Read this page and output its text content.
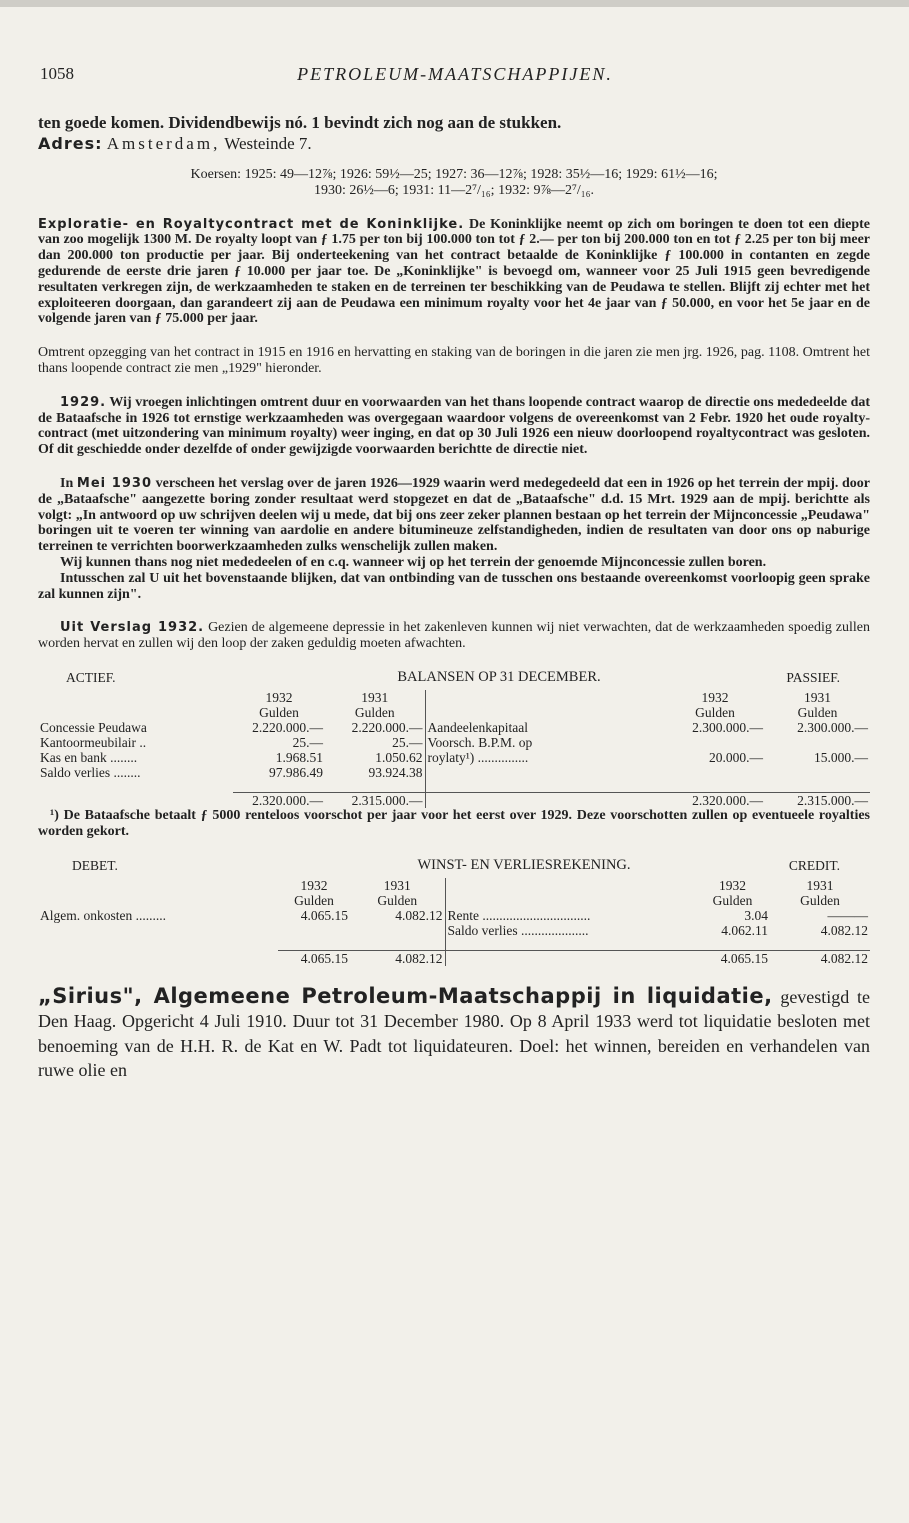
1058	PETROLEUM-MAATSCHAPPIJEN.

ten goede komen. Dividendbewijs nó. 1 bevindt zich nog aan de stukken.

Adres: Amsterdam, Westeinde 7.

Koersen: 1925: 49—12⅞; 1926: 59½—25; 1927: 36—12⅞; 1928: 35½—16; 1929: 61½—16;

1930: 26½—6; 1931: 11—2⁷/₁₆; 1932: 9⅞—2⁷/₁₆.

Exploratie- en Royaltycontract met de Koninklijke. De Koninklijke neemt op zich om boringen te doen tot een diepte van zoo mogelijk 1300 M. De royalty loopt van ƒ 1.75 per ton bij 100.000 ton tot ƒ 2.— per ton bij 200.000 ton en tot ƒ 2.25 per ton bij meer dan 200.000 ton productie per jaar. Bij onderteekening van het contract betaalde de Koninklijke ƒ 100.000 in contanten en zegde gedurende de eerste drie jaren ƒ 10.000 per jaar toe. De „Koninklijke" is bevoegd om, wanneer voor 25 Juli 1915 geen bevredigende resultaten verkregen zijn, de werkzaamheden te staken en de terreinen ter beschikking van de Peudawa te stellen. Blijft zij echter met het exploiteeren doorgaan, dan garandeert zij aan de Peudawa een minimum royalty voor het 4e jaar van ƒ 50.000, en voor het 5e jaar en de volgende jaren van ƒ 75.000 per jaar.

Omtrent opzegging van het contract in 1915 en 1916 en hervatting en staking van de boringen in die jaren zie men jrg. 1926, pag. 1108. Omtrent het thans loopende contract zie men „1929" hieronder.

1929. Wij vroegen inlichtingen omtrent duur en voorwaarden van het thans loopende contract waarop de directie ons mededeelde dat de Bataafsche in 1926 tot ernstige werkzaamheden was overgegaan waardoor volgens de overeenkomst van 2 Febr. 1920 het oude royalty-contract (met uitzondering van minimum royalty) weer inging, en dat op 30 Juli 1926 een nieuw doorloopend royaltycontract was gesloten. Of dit geschiedde onder dezelfde of onder gewijzigde voorwaarden berichtte de directie niet.

In Mei 1930 verscheen het verslag over de jaren 1926—1929 waarin werd medegedeeld dat een in 1926 op het terrein der mpij. door de „Bataafsche" aangezette boring zonder resultaat werd stopgezet en dat de „Bataafsche" d.d. 15 Mrt. 1929 aan de mpij. berichtte als volgt: „In antwoord op uw schrijven deelen wij u mede, dat bij ons zeer zeker plannen bestaan op het terrein der Mijnconcessie „Peudawa" boringen uit te voeren ter winning van aardolie en andere bitumineuze zelfstandigheden, indien de resultaten van door ons op naburige terreinen te verrichten boorwerkzaamheden zulks wenschelijk zullen maken.

Wij kunnen thans nog niet mededeelen of en c.q. wanneer wij op het terrein der genoemde Mijnconcessie zullen boren.

Intusschen zal U uit het bovenstaande blijken, dat van ontbinding van de tusschen ons bestaande overeenkomst voorloopig geen sprake zal kunnen zijn".

Uit Verslag 1932. Gezien de algemeene depressie in het zakenleven kunnen wij niet verwachten, dat de werkzaamheden spoedig zullen worden hervat en zullen wij den loop der zaken geduldig moeten afwachten.

ACTIEF.	BALANSEN OP 31 DECEMBER.				PASSIEF.

	1932	1931		1932	1931
	Gulden	Gulden		Gulden	Gulden
Concessie Peudawa	2.220.000.—	2.220.000.—	Aandeelenkapitaal	2.300.000.—	2.300.000.—
Kantoormeubilair ..	25.—	25.—	Voorsch. B.P.M. op		
Kas en bank ........	1.968.51	1.050.62	roylaty¹) ...............	20.000.—	15.000.—
Saldo verlies ........	97.986.49	93.924.38			

	2.320.000.—	2.315.000.—		2.320.000.—	2.315.000.—

¹) De Bataafsche betaalt ƒ 5000 renteloos voorschot per jaar voor het eerst over 1929. Deze voorschotten zullen op eventueele royalties worden gekort.

DEBET.	WINST- EN VERLIESREKENING.				CREDIT.

	1932	1931		1932	1931
	Gulden	Gulden		Gulden	Gulden
Algem. onkosten .........	4.065.15	4.082.12	Rente ................................	3.04	———
			Saldo verlies ....................	4.062.11	4.082.12

	4.065.15	4.082.12		4.065.15	4.082.12

„Sirius", Algemeene Petroleum-Maatschappij in liquidatie, gevestigd te Den Haag. Opgericht 4 Juli 1910. Duur tot 31 December 1980. Op 8 April 1933 werd tot liquidatie besloten met benoeming van de H.H. R. de Kat en W. Padt tot liquidateuren. Doel: het winnen, bereiden en verhandelen van ruwe olie en
